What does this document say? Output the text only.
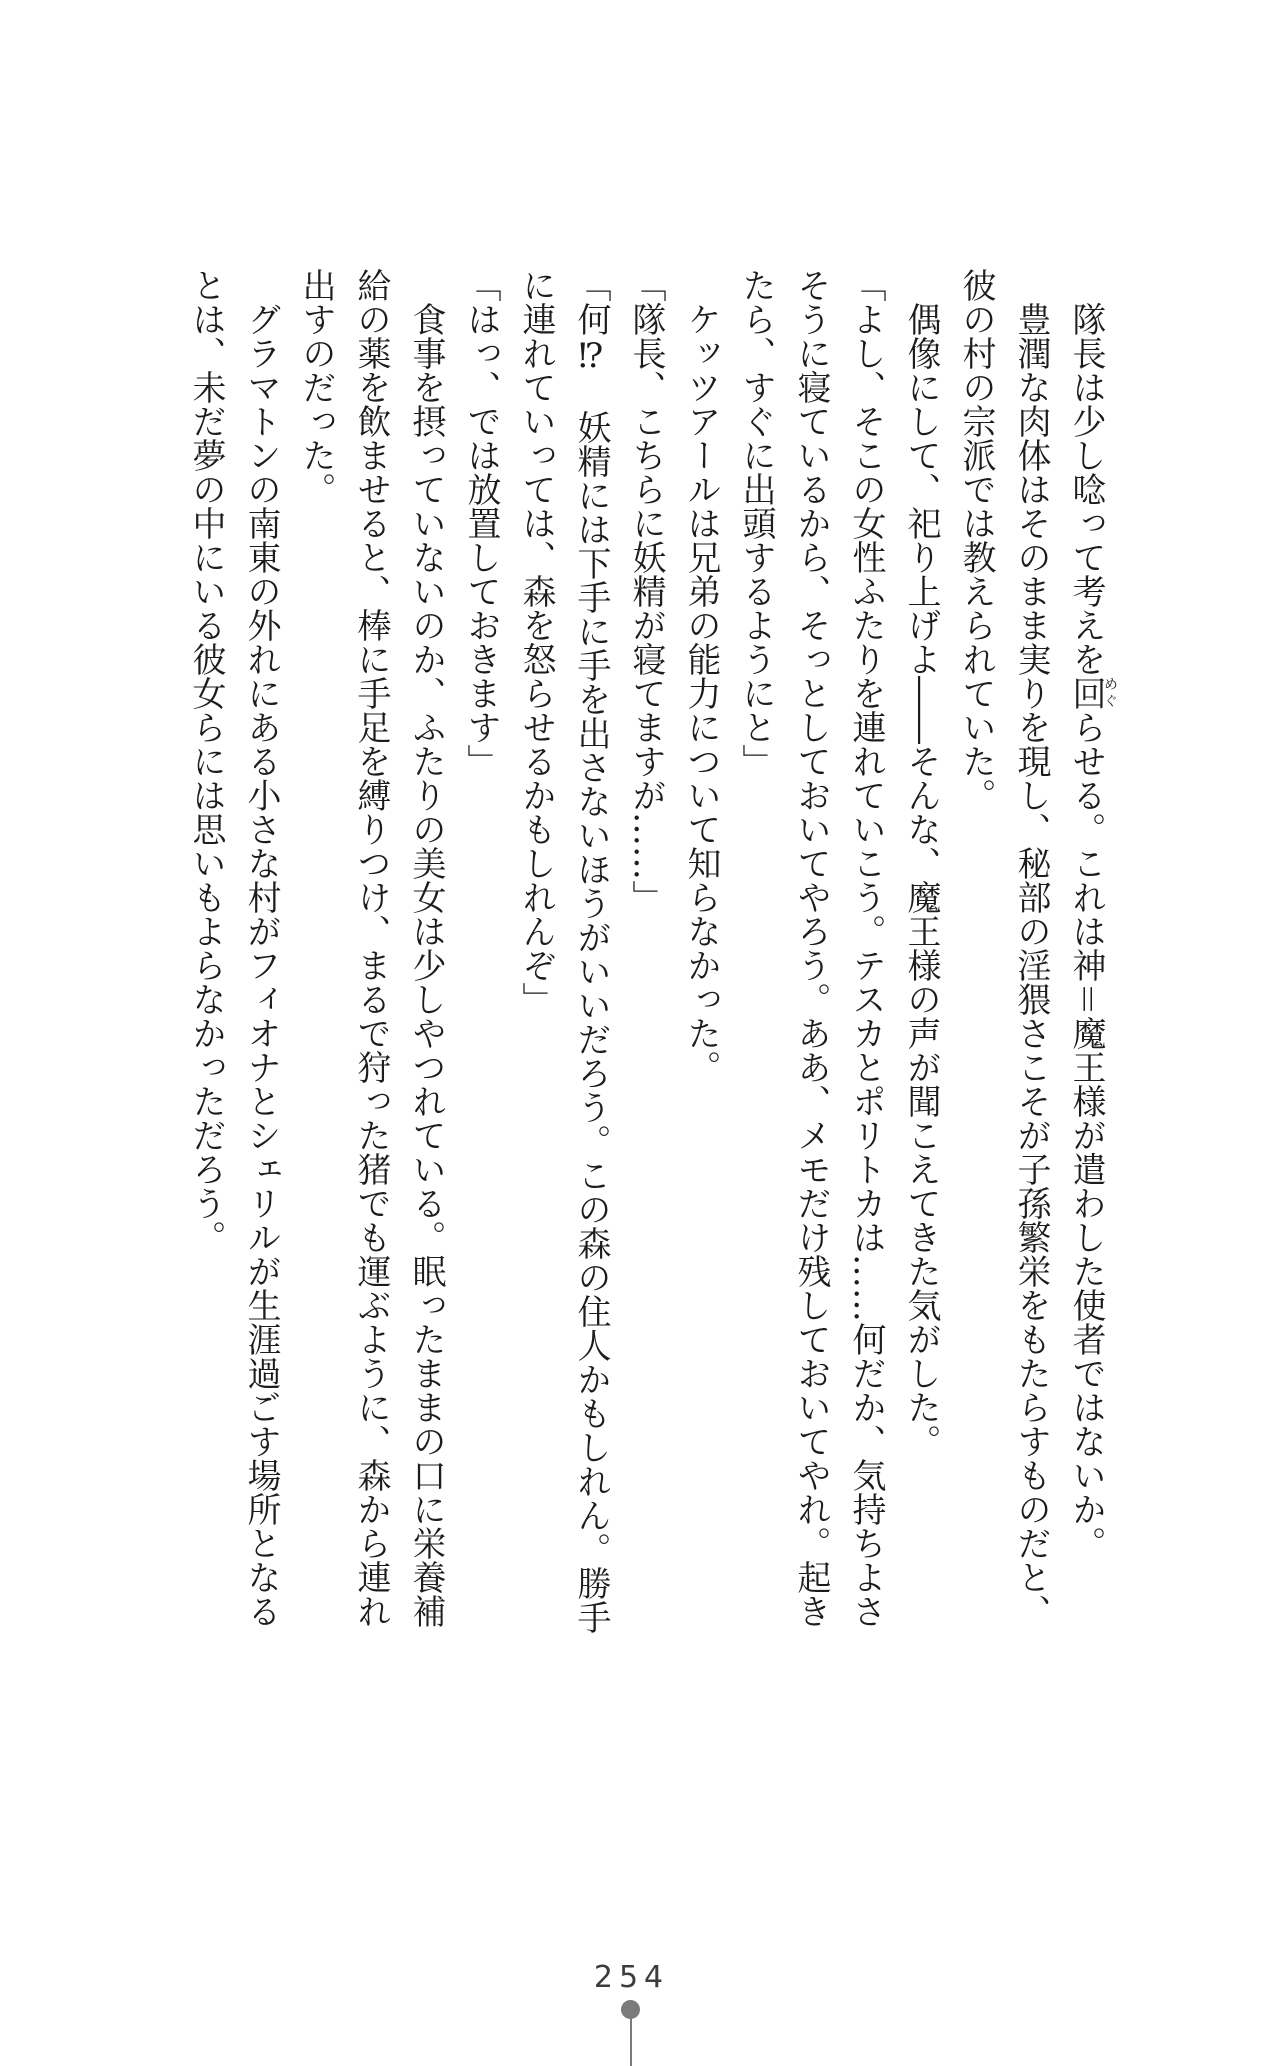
隊長は少し唸って考えを回めぐらせる。これは神＝魔王様が遣わした使者ではないか。
豊潤な肉体はそのまま実りを現し、秘部の淫猥さこそが子孫繁栄をもたらすものだと、
彼の村の宗派では教えられていた。
偶像にして、祀り上げよ――そんな、魔王様の声が聞こえてきた気がした。
「よし、そこの女性ふたりを連れていこう。テスカとポリトカは……何だか、気持ちよさ
そうに寝ているから、そっとしておいてやろう。ああ、メモだけ残しておいてやれ。起き
たら、すぐに出頭するようにと」
ケッツアールは兄弟の能力について知らなかった。
「隊長、こちらに妖精が寝てますが……」
「何⁉　妖精には下手に手を出さないほうがいいだろう。この森の住人かもしれん。勝手
に連れていっては、森を怒らせるかもしれんぞ」
「はっ、では放置しておきます」
食事を摂っていないのか、ふたりの美女は少しやつれている。眠ったままの口に栄養補
給の薬を飲ませると、棒に手足を縛りつけ、まるで狩った猪でも運ぶように、森から連れ
出すのだった。
グラマトンの南東の外れにある小さな村がフィオナとシェリルが生涯過ごす場所となる
とは、未だ夢の中にいる彼女らには思いもよらなかっただろう。
254
